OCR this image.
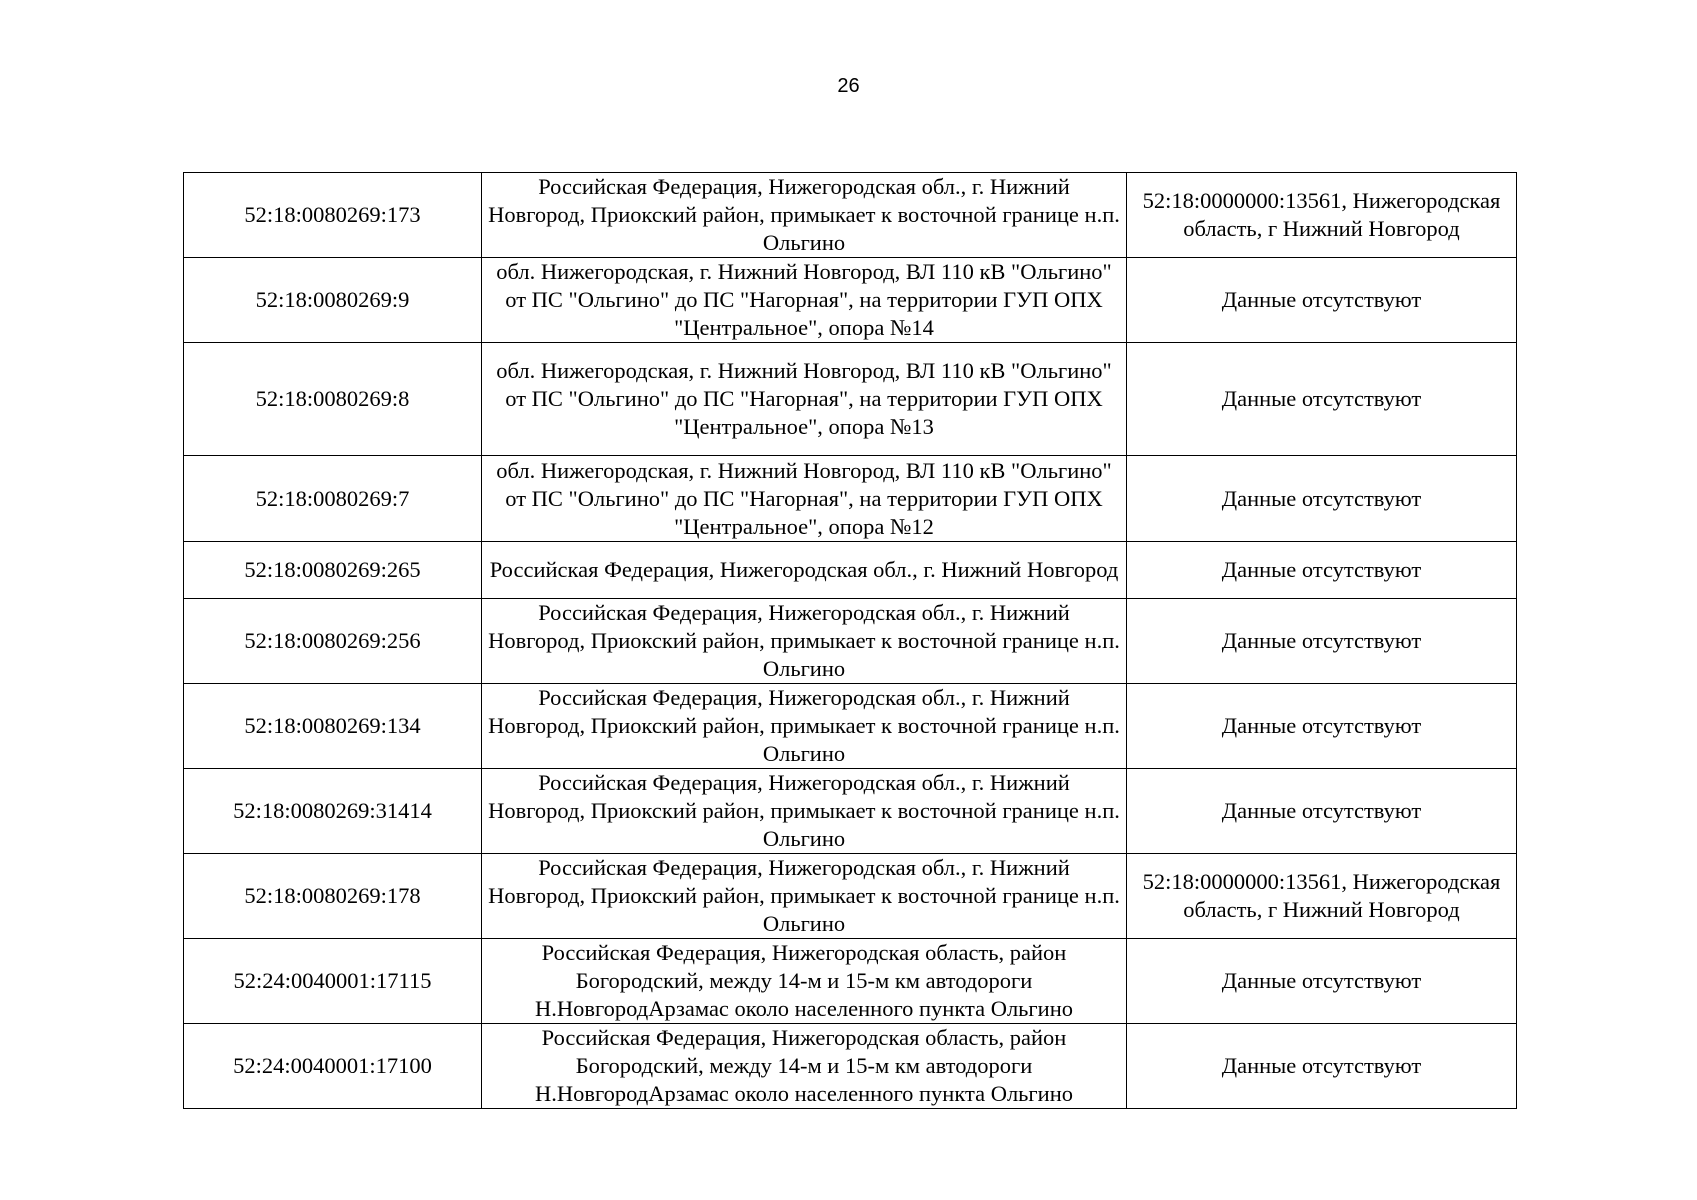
26
52:18:0080269:173	Российская Федерация, Нижегородская обл., г. Нижний Новгород, Приокский район, примыкает к восточной границе н.п. Ольгино	52:18:0000000:13561, Нижегородская область, г Нижний Новгород
52:18:0080269:9	обл. Нижегородская, г. Нижний Новгород, ВЛ 110 кВ "Ольгино" от ПС "Ольгино" до ПС "Нагорная", на территории ГУП ОПХ "Центральное", опора №14	Данные отсутствуют
52:18:0080269:8	обл. Нижегородская, г. Нижний Новгород, ВЛ 110 кВ "Ольгино" от ПС "Ольгино" до ПС "Нагорная", на территории ГУП ОПХ "Центральное", опора №13	Данные отсутствуют
52:18:0080269:7	обл. Нижегородская, г. Нижний Новгород, ВЛ 110 кВ "Ольгино" от ПС "Ольгино" до ПС "Нагорная", на территории ГУП ОПХ "Центральное", опора №12	Данные отсутствуют
52:18:0080269:265	Российская Федерация, Нижегородская обл., г. Нижний Новгород	Данные отсутствуют
52:18:0080269:256	Российская Федерация, Нижегородская обл., г. Нижний Новгород, Приокский район, примыкает к восточной границе н.п. Ольгино	Данные отсутствуют
52:18:0080269:134	Российская Федерация, Нижегородская обл., г. Нижний Новгород, Приокский район, примыкает к восточной границе н.п. Ольгино	Данные отсутствуют
52:18:0080269:31414	Российская Федерация, Нижегородская обл., г. Нижний Новгород, Приокский район, примыкает к восточной границе н.п. Ольгино	Данные отсутствуют
52:18:0080269:178	Российская Федерация, Нижегородская обл., г. Нижний Новгород, Приокский район, примыкает к восточной границе н.п. Ольгино	52:18:0000000:13561, Нижегородская область, г Нижний Новгород
52:24:0040001:17115	Российская Федерация, Нижегородская область, район Богородский, между 14-м и 15-м км автодороги Н.НовгородАрзамас около населенного пункта Ольгино	Данные отсутствуют
52:24:0040001:17100	Российская Федерация, Нижегородская область, район Богородский, между 14-м и 15-м км автодороги Н.НовгородАрзамас около населенного пункта Ольгино	Данные отсутствуют
